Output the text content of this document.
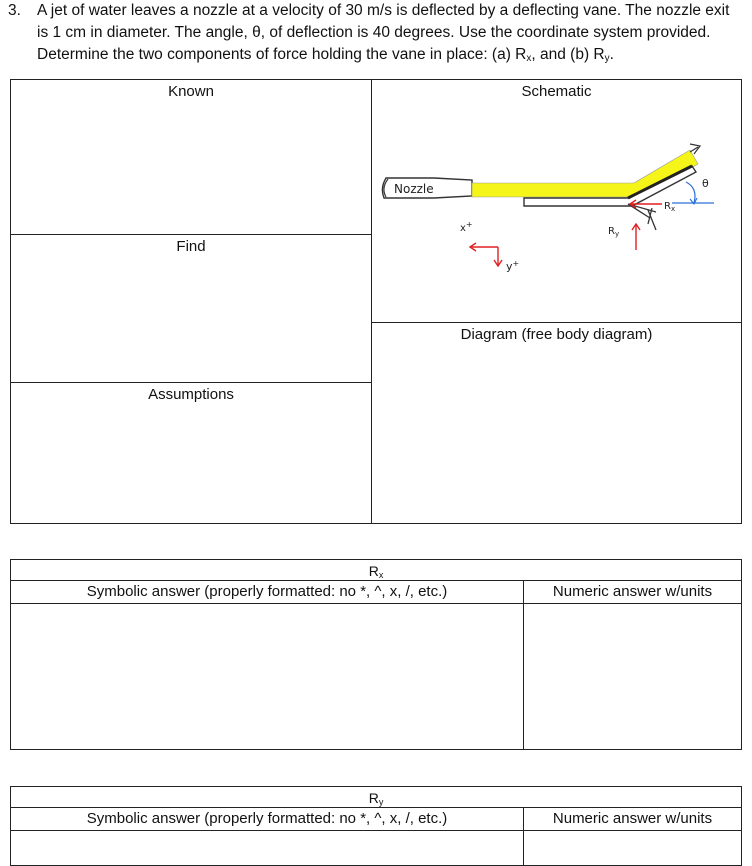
3. A jet of water leaves a nozzle at a velocity of 30 m/s is deflected by a deflecting vane. The nozzle exit
is 1 cm in diameter. The angle, θ, of deflection is 40 degrees. Use the coordinate system provided.
Determine the two components of force holding the vane in place: (a) $R_x$, and (b) $R_y$.
Known
Find
Assumptions
Schematic
Diagram (free body diagram)
Nozzle	θ
$R_x$
$R_y$
x+
y+
$R_x$
Symbolic answer (properly formatted: no *, ^, x, /, etc.)	Numeric answer w/units
$R_y$
Symbolic answer (properly formatted: no *, ^, x, /, etc.)	Numeric answer w/units
